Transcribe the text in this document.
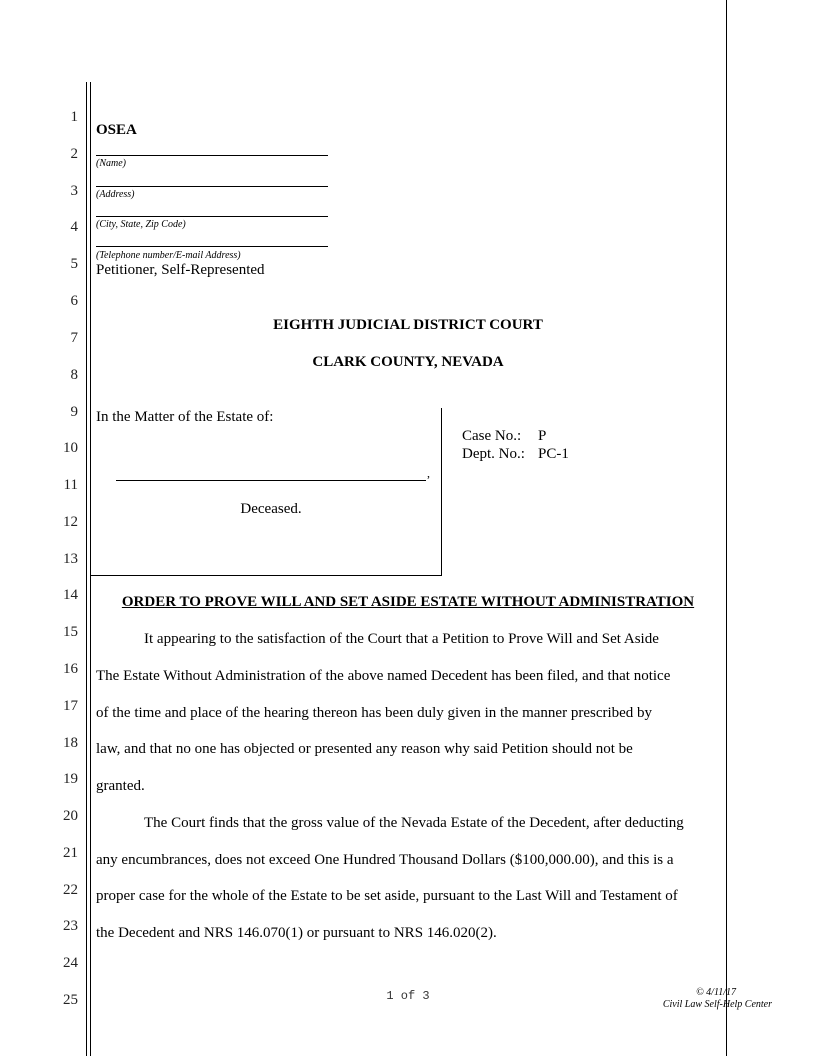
1
2
3
4
5
6
7
8
9
10
11
12
13
14
15
16
17
18
19
20
21
22
23
24
25
OSEA
(Name)
(Address)
(City, State, Zip Code)
(Telephone number/E-mail Address)
Petitioner, Self-Represented
EIGHTH JUDICIAL DISTRICT COURT
CLARK COUNTY, NEVADA
In the Matter of the Estate of:
,
Deceased.
Case No.: P
Dept. No.: PC-1
ORDER TO PROVE WILL AND SET ASIDE ESTATE WITHOUT ADMINISTRATION
It appearing to the satisfaction of the Court that a Petition to Prove Will and Set Aside
The Estate Without Administration of the above named Decedent has been filed, and that notice
of the time and place of the hearing thereon has been duly given in the manner prescribed by
law, and that no one has objected or presented any reason why said Petition should not be
granted.
The Court finds that the gross value of the Nevada Estate of the Decedent, after deducting
any encumbrances, does not exceed One Hundred Thousand Dollars ($100,000.00), and this is a
proper case for the whole of the Estate to be set aside, pursuant to the Last Will and Testament of
the Decedent and NRS 146.070(1) or pursuant to NRS 146.020(2).
1 of 3	© 4/11/17
Civil Law Self-Help Center
